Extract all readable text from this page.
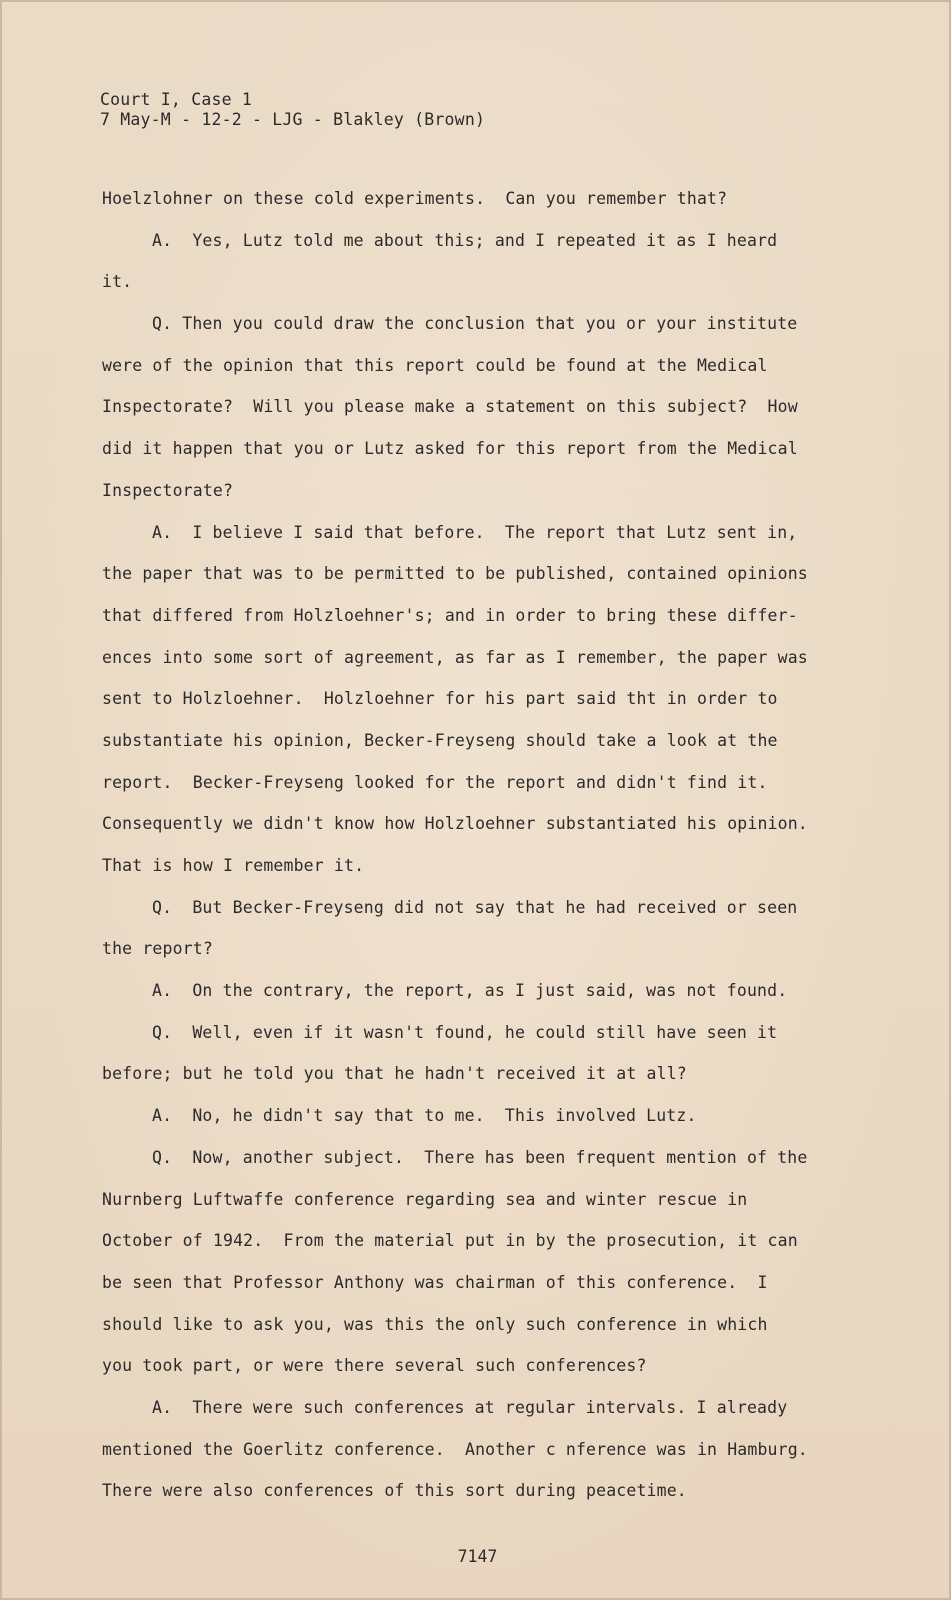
Court I, Case 1
7 May-M - 12-2 - LJG - Blakley (Brown)
Hoelzlohner on these cold experiments.  Can you remember that?
A.  Yes, Lutz told me about this; and I repeated it as I heard
it.
Q. Then you could draw the conclusion that you or your institute
were of the opinion that this report could be found at the Medical
Inspectorate?  Will you please make a statement on this subject?  How
did it happen that you or Lutz asked for this report from the Medical
Inspectorate?
A.  I believe I said that before.  The report that Lutz sent in,
the paper that was to be permitted to be published, contained opinions
that differed from Holzloehner's; and in order to bring these differ-
ences into some sort of agreement, as far as I remember, the paper was
sent to Holzloehner.  Holzloehner for his part said tht in order to
substantiate his opinion, Becker-Freyseng should take a look at the
report.  Becker-Freyseng looked for the report and didn't find it.
Consequently we didn't know how Holzloehner substantiated his opinion.
That is how I remember it.
Q.  But Becker-Freyseng did not say that he had received or seen
the report?
A.  On the contrary, the report, as I just said, was not found.
Q.  Well, even if it wasn't found, he could still have seen it
before; but he told you that he hadn't received it at all?
A.  No, he didn't say that to me.  This involved Lutz.
Q.  Now, another subject.  There has been frequent mention of the
Nurnberg Luftwaffe conference regarding sea and winter rescue in
October of 1942.  From the material put in by the prosecution, it can
be seen that Professor Anthony was chairman of this conference.  I
should like to ask you, was this the only such conference in which
you took part, or were there several such conferences?
A.  There were such conferences at regular intervals. I already
mentioned the Goerlitz conference.  Another c nference was in Hamburg.
There were also conferences of this sort during peacetime.
7147
